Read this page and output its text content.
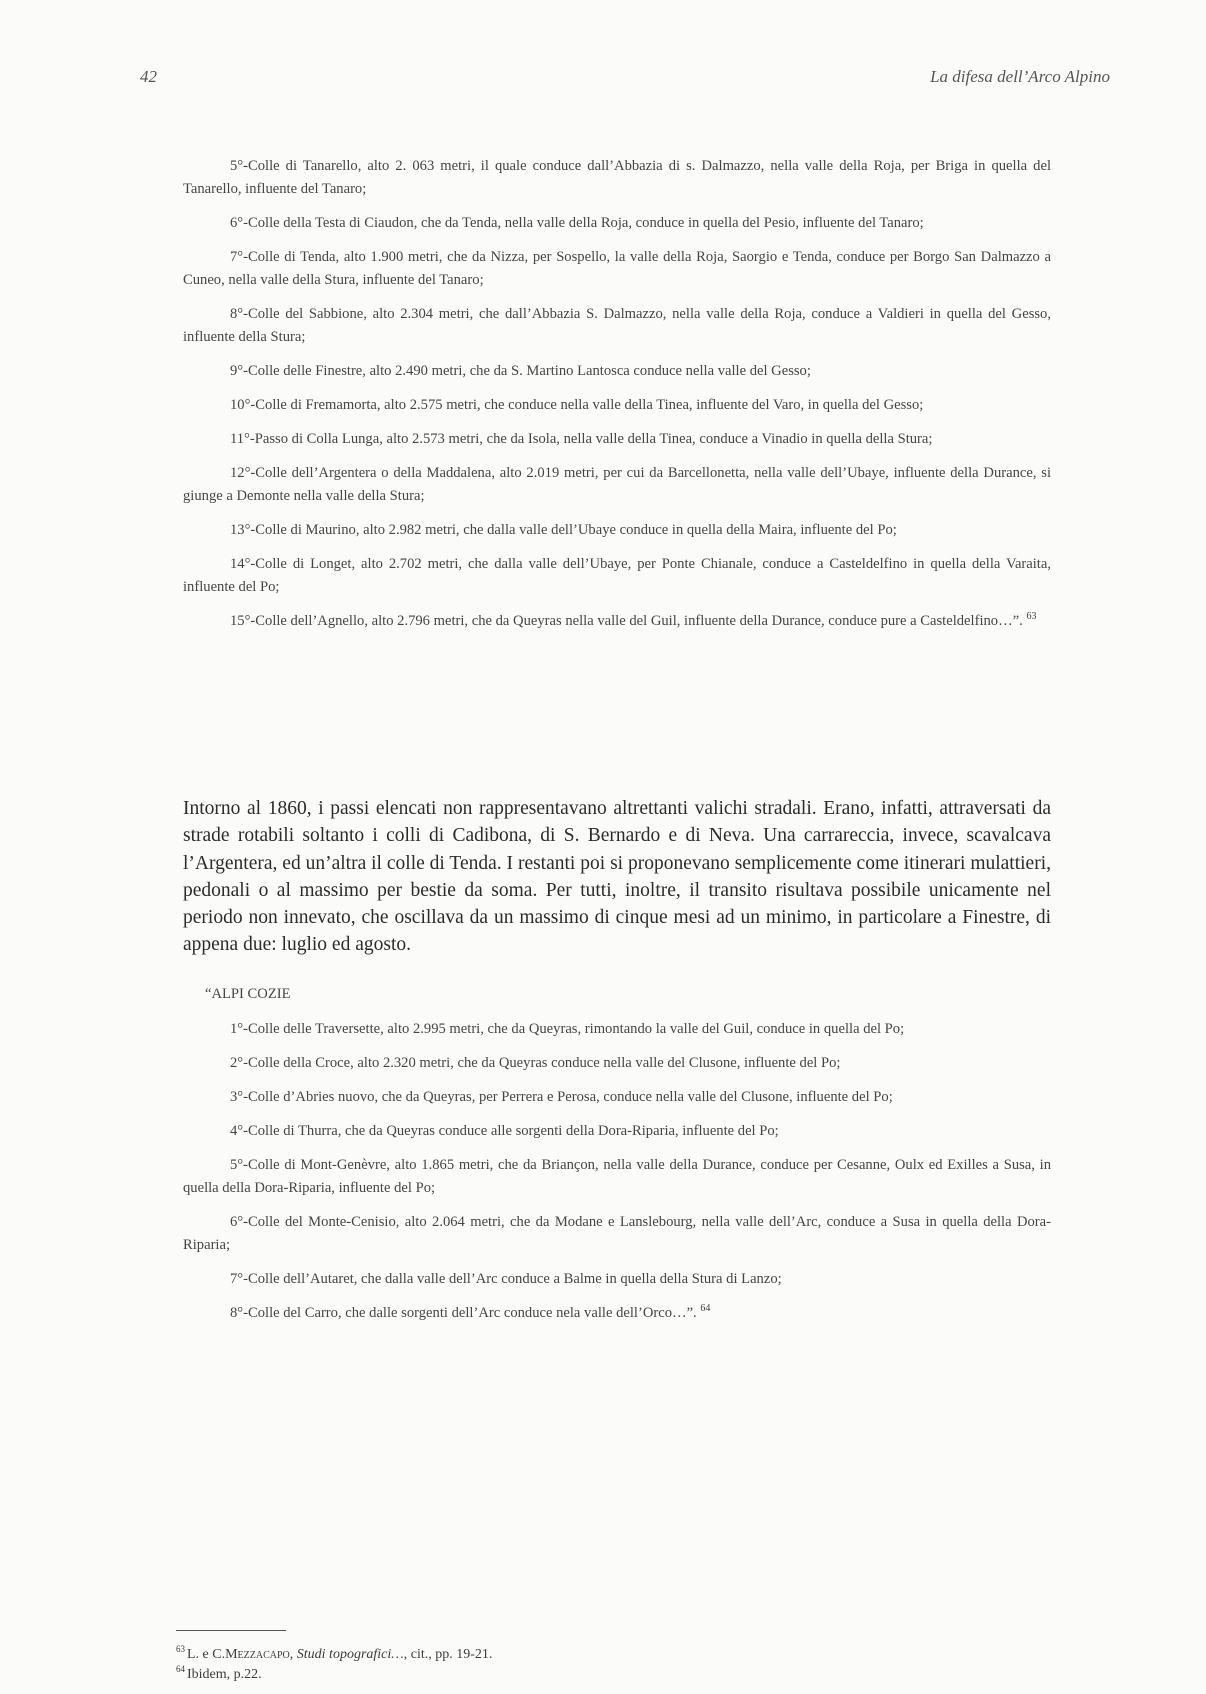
42	La difesa dell’Arco Alpino

5°-Colle di Tanarello, alto 2. 063 metri, il quale conduce dall’Abbazia di s. Dalmazzo, nella valle della Roja, per Briga in quella del Tanarello, influente del Tanaro;

6°-Colle della Testa di Ciaudon, che da Tenda, nella valle della Roja, conduce in quella del Pesio, influente del Tanaro;

7°-Colle di Tenda, alto 1.900 metri, che da Nizza, per Sospello, la valle della Roja, Saorgio e Tenda, conduce per Borgo San Dalmazzo a Cuneo, nella valle della Stura, influente del Tanaro;

8°-Colle del Sabbione, alto 2.304 metri, che dall’Abbazia S. Dalmazzo, nella valle della Roja, conduce a Valdieri in quella del Gesso, influente della Stura;

9°-Colle delle Finestre, alto 2.490 metri, che da S. Martino Lantosca conduce nella valle del Gesso;

10°-Colle di Fremamorta, alto 2.575 metri, che conduce nella valle della Tinea, influente del Varo, in quella del Gesso;

11°-Passo di Colla Lunga, alto 2.573 metri, che da Isola, nella valle della Tinea, conduce a Vinadio in quella della Stura;

12°-Colle dell’Argentera o della Maddalena, alto 2.019 metri, per cui da Barcellonetta, nella valle dell’Ubaye, influente della Durance, si giunge a Demonte nella valle della Stura;

13°-Colle di Maurino, alto 2.982 metri, che dalla valle dell’Ubaye conduce in quella della Maira, influente del Po;

14°-Colle di Longet, alto 2.702 metri, che dalla valle dell’Ubaye, per Ponte Chianale, conduce a Casteldelfino in quella della Varaita, influente del Po;

15°-Colle dell’Agnello, alto 2.796 metri, che da Queyras nella valle del Guil, influente della Durance, conduce pure a Casteldelfino…”. $^{63}$

Intorno al 1860, i passi elencati non rappresentavano altrettanti valichi stradali. Erano, infatti, attraversati da strade rotabili soltanto i colli di Cadibona, di S. Bernardo e di Neva. Una carrareccia, invece, scavalcava l’Argentera, ed un’altra il colle di Tenda. I restanti poi si proponevano semplicemente come itinerari mulattieri, pedonali o al massimo per bestie da soma. Per tutti, inoltre, il transito risultava possibile unicamente nel periodo non innevato, che oscillava da un massimo di cinque mesi ad un minimo, in particolare a Finestre, di appena due: luglio ed agosto.

“ALPI COZIE

1°-Colle delle Traversette, alto 2.995 metri, che da Queyras, rimontando la valle del Guil, conduce in quella del Po;

2°-Colle della Croce, alto 2.320 metri, che da Queyras conduce nella valle del Clusone, influente del Po;

3°-Colle d’Abries nuovo, che da Queyras, per Perrera e Perosa, conduce nella valle del Clusone, influente del Po;

4°-Colle di Thurra, che da Queyras conduce alle sorgenti della Dora-Riparia, influente del Po;

5°-Colle di Mont-Genèvre, alto 1.865 metri, che da Briançon, nella valle della Durance, conduce per Cesanne, Oulx ed Exilles a Susa, in quella della Dora-Riparia, influente del Po;

6°-Colle del Monte-Cenisio, alto 2.064 metri, che da Modane e Lanslebourg, nella valle dell’Arc, conduce a Susa in quella della Dora-Riparia;

7°-Colle dell’Autaret, che dalla valle dell’Arc conduce a Balme in quella della Stura di Lanzo;

8°-Colle del Carro, che dalle sorgenti dell’Arc conduce nela valle dell’Orco…”. $^{64}$

$^{63}$ L. e C.Mezzacapo, Studi topografici…, cit., pp. 19-21.

$^{64}$ Ibidem, p.22.
